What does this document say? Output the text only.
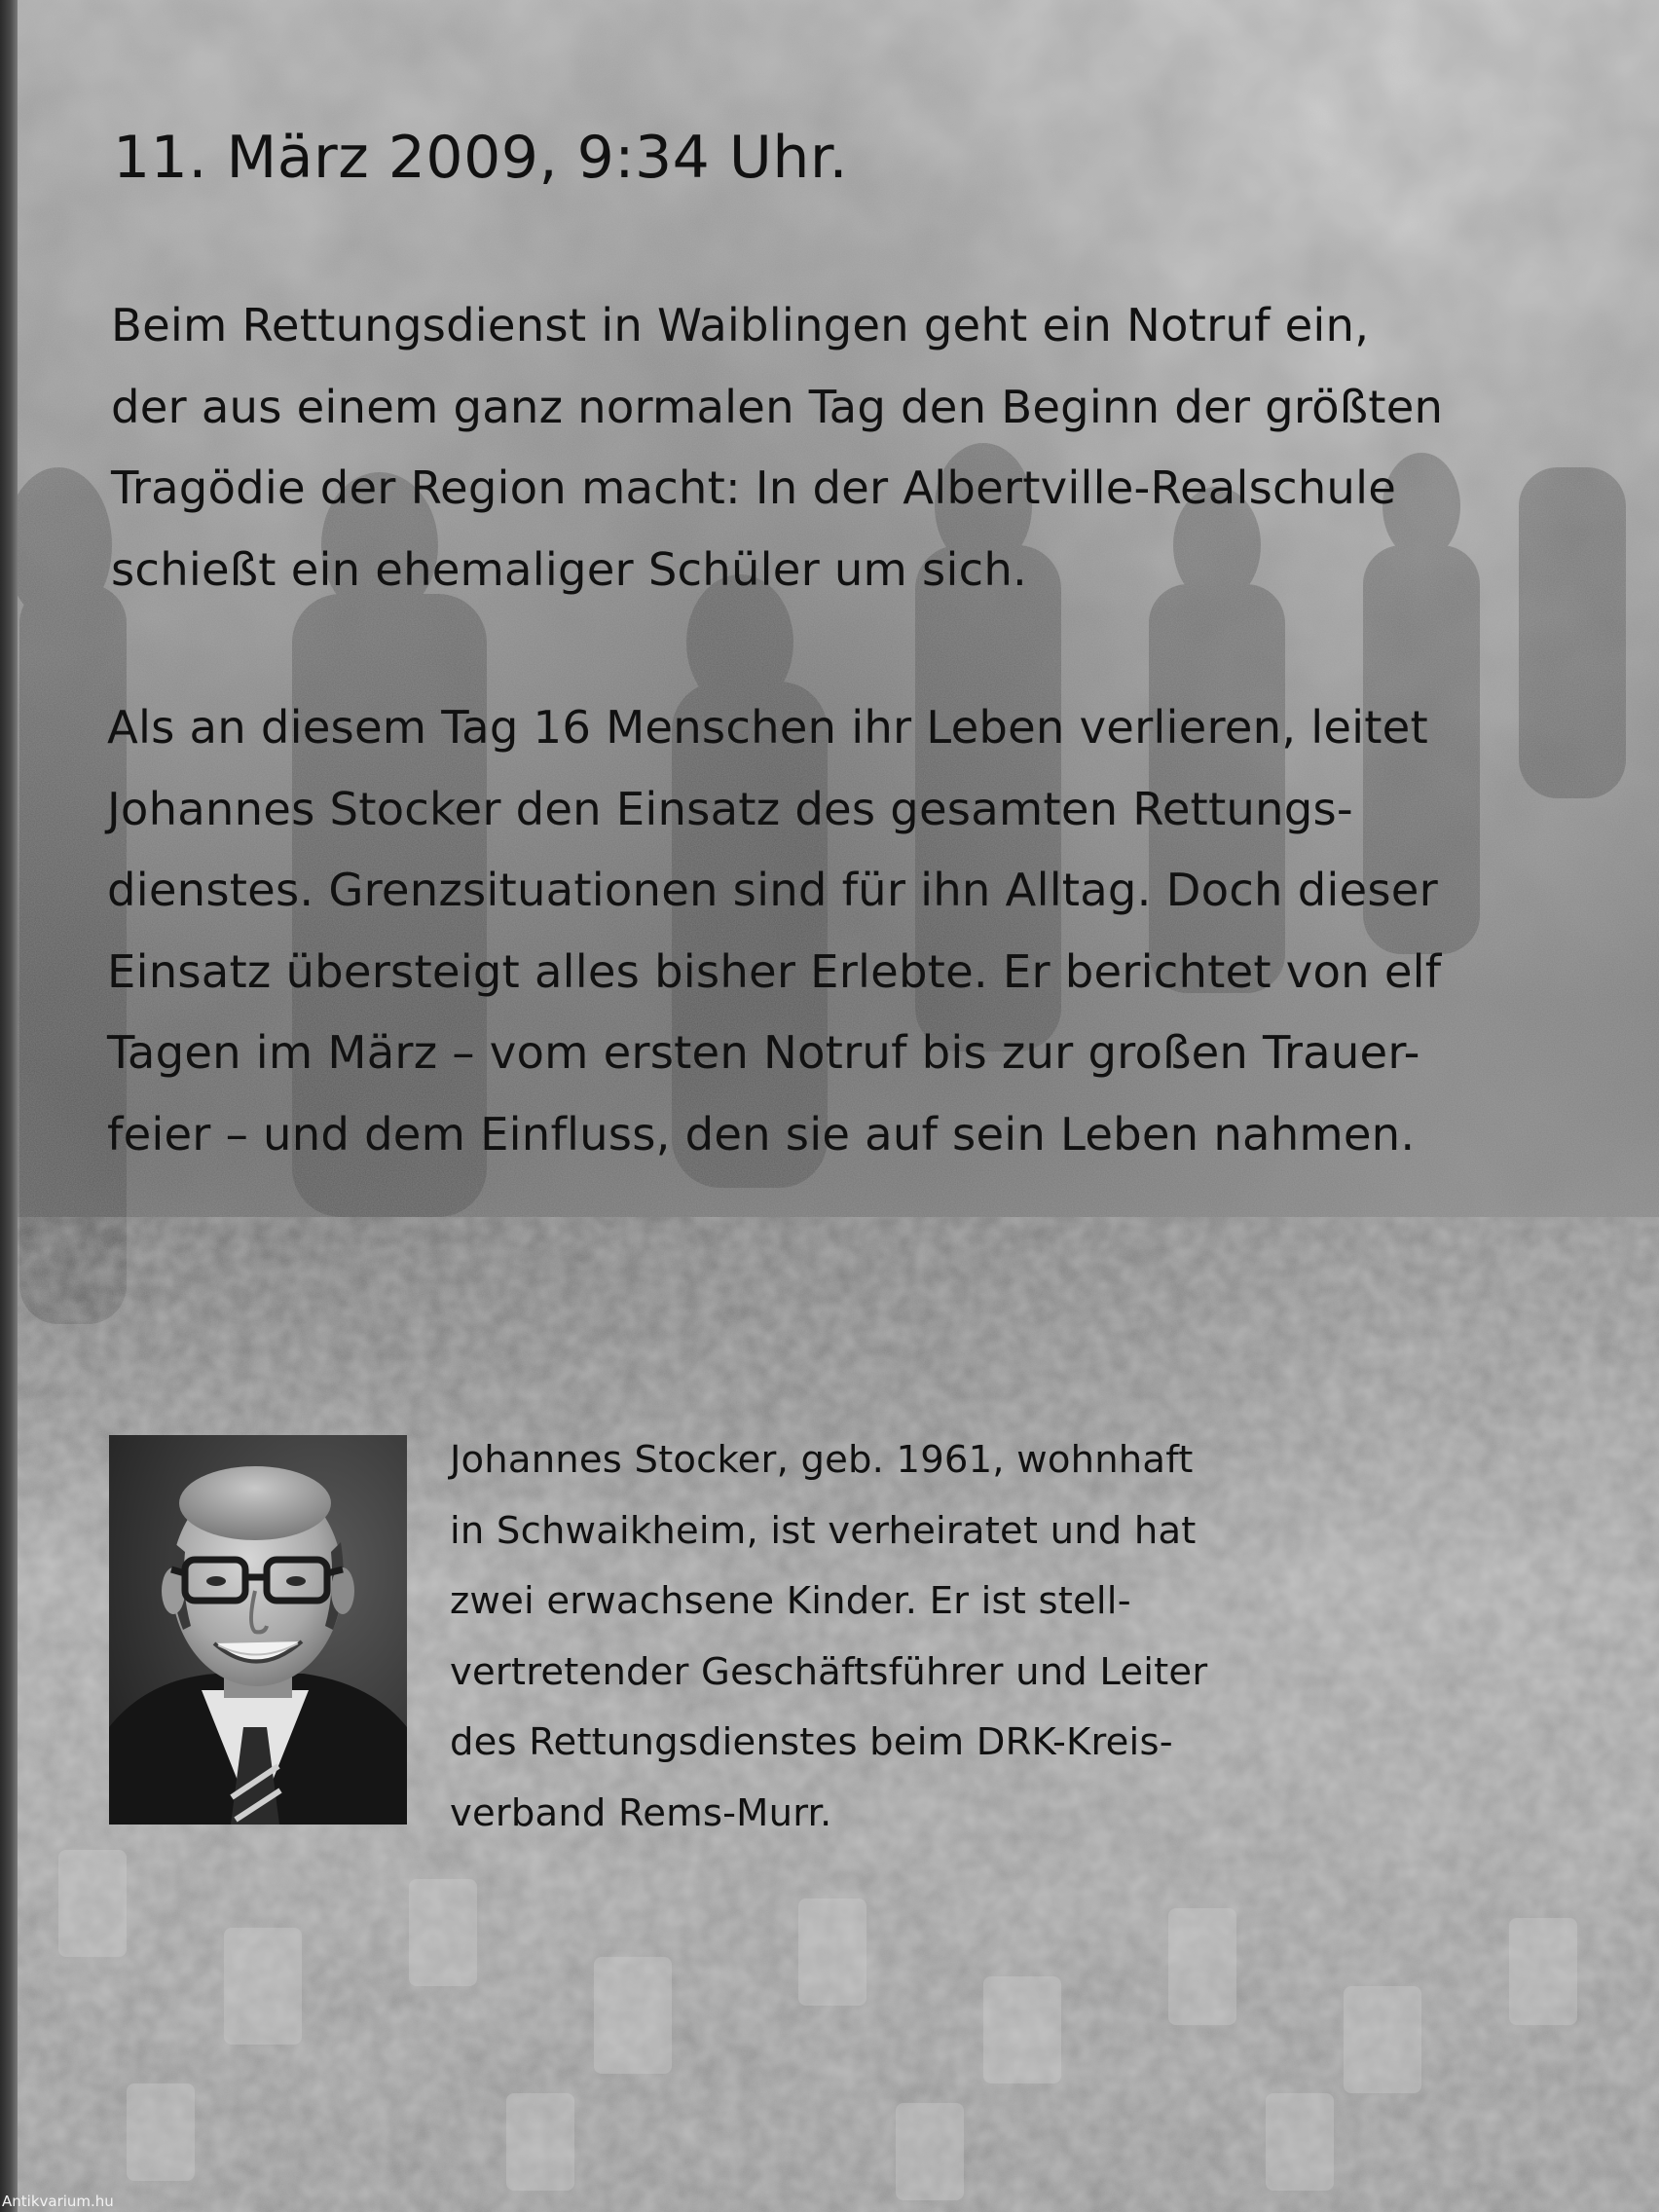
11. März 2009, 9:34 Uhr.
Beim Rettungsdienst in Waiblingen geht ein Notruf ein,
der aus einem ganz normalen Tag den Beginn der größten
Tragödie der Region macht: In der Albertville-Realschule
schießt ein ehemaliger Schüler um sich.
Als an diesem Tag 16 Menschen ihr Leben verlieren, leitet
Johannes Stocker den Einsatz des gesamten Rettungs-
dienstes. Grenzsituationen sind für ihn Alltag. Doch dieser
Einsatz übersteigt alles bisher Erlebte. Er berichtet von elf
Tagen im März – vom ersten Notruf bis zur großen Trauer-
feier – und dem Einfluss, den sie auf sein Leben nahmen.
Johannes Stocker, geb. 1961, wohnhaft
in Schwaikheim, ist verheiratet und hat
zwei erwachsene Kinder. Er ist stell-
vertretender Geschäftsführer und Leiter
des Rettungsdienstes beim DRK-Kreis-
verband Rems-Murr.
Antikvarium.hu
